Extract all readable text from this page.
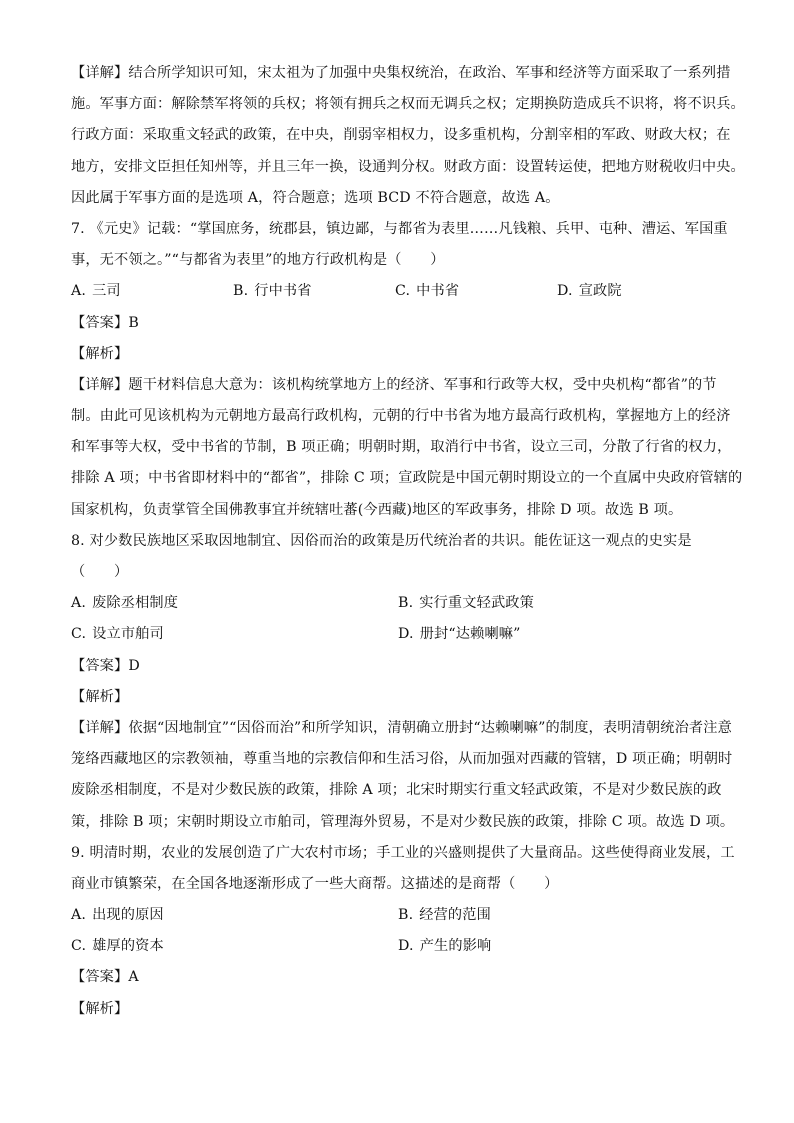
【详解】结合所学知识可知，宋太祖为了加强中央集权统治，在政治、军事和经济等方面采取了一系列措
施。军事方面：解除禁军将领的兵权；将领有拥兵之权而无调兵之权；定期换防造成兵不识将，将不识兵。
行政方面：采取重文轻武的政策，在中央，削弱宰相权力，设多重机构，分割宰相的军政、财政大权；在
地方，安排文臣担任知州等，并且三年一换，设通判分权。财政方面：设置转运使，把地方财税收归中央。
因此属于军事方面的是选项 A，符合题意；选项 BCD 不符合题意，故选 A。
7. 《元史》记载：“掌国庶务，统郡县，镇边鄙，与都省为表里……凡钱粮、兵甲、屯种、漕运、军国重
事，无不领之。”“与都省为表里”的地方行政机构是（　　）
A. 三司	B. 行中书省	C. 中书省	D. 宣政院
【答案】B
【解析】
【详解】题干材料信息大意为：该机构统掌地方上的经济、军事和行政等大权，受中央机构“都省”的节
制。由此可见该机构为元朝地方最高行政机构，元朝的行中书省为地方最高行政机构，掌握地方上的经济
和军事等大权，受中书省的节制，B 项正确；明朝时期，取消行中书省，设立三司，分散了行省的权力，
排除 A 项；中书省即材料中的“都省”，排除 C 项；宣政院是中国元朝时期设立的一个直属中央政府管辖的
国家机构，负责掌管全国佛教事宜并统辖吐蕃(今西藏)地区的军政事务，排除 D 项。故选 B 项。
8. 对少数民族地区采取因地制宜、因俗而治的政策是历代统治者的共识。能佐证这一观点的史实是
（　　）
A. 废除丞相制度	B. 实行重文轻武政策
C. 设立市舶司	D. 册封“达赖喇嘛”
【答案】D
【解析】
【详解】依据“因地制宜”“因俗而治”和所学知识，清朝确立册封“达赖喇嘛”的制度，表明清朝统治者注意
笼络西藏地区的宗教领袖，尊重当地的宗教信仰和生活习俗，从而加强对西藏的管辖，D 项正确；明朝时
废除丞相制度，不是对少数民族的政策，排除 A 项；北宋时期实行重文轻武政策，不是对少数民族的政
策，排除 B 项；宋朝时期设立市舶司，管理海外贸易，不是对少数民族的政策，排除 C 项。故选 D 项。
9. 明清时期，农业的发展创造了广大农村市场；手工业的兴盛则提供了大量商品。这些使得商业发展，工
商业市镇繁荣，在全国各地逐渐形成了一些大商帮。这描述的是商帮（　　）
A. 出现的原因	B. 经营的范围
C. 雄厚的资本	D. 产生的影响
【答案】A
【解析】
